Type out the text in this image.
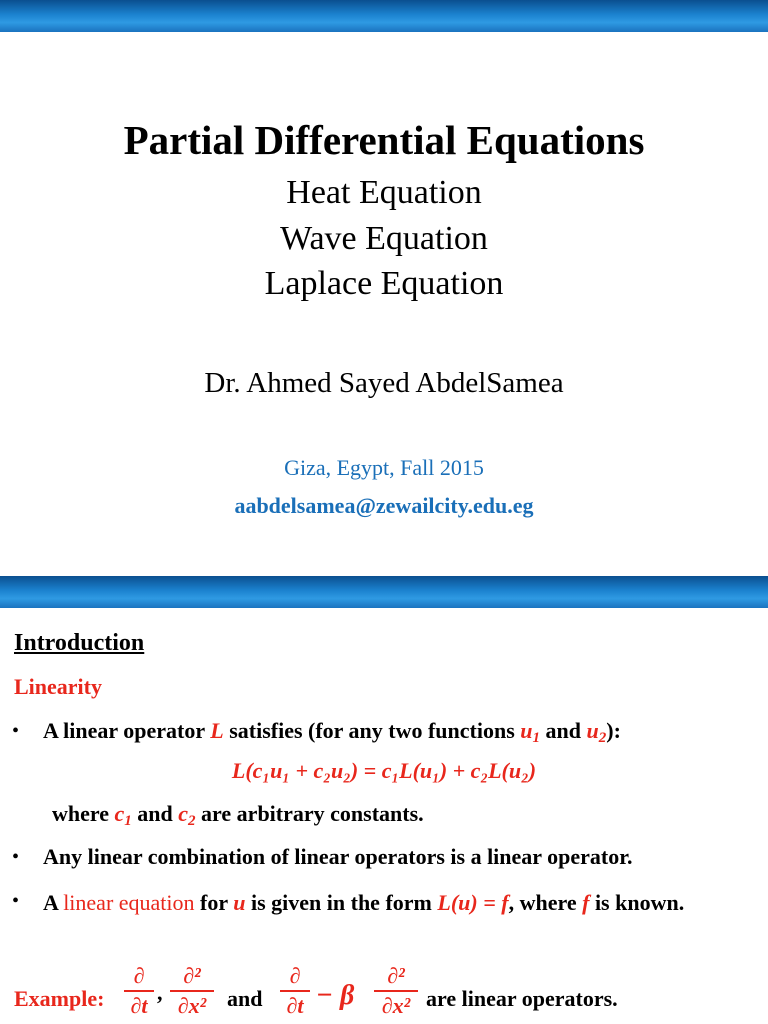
Partial Differential Equations
Heat Equation
Wave Equation
Laplace Equation
Dr. Ahmed Sayed AbdelSamea
Giza, Egypt, Fall 2015
aabdelsamea@zewailcity.edu.eg
Introduction
Linearity
• A linear operator L satisfies (for any two functions $u_1$ and $u_2$):
L(c₁u₁ + c₂u₂) = c₁L(u₁) + c₂L(u₂)
where $c_1$ and $c_2$ are arbitrary constants.
• Any linear combination of linear operators is a linear operator.
• A linear equation for u is given in the form L(u) = f, where f is known.
Example:
∂
∂t
,
∂²
∂x² and
∂
∂t − β
∂²
∂x² are linear operators.
